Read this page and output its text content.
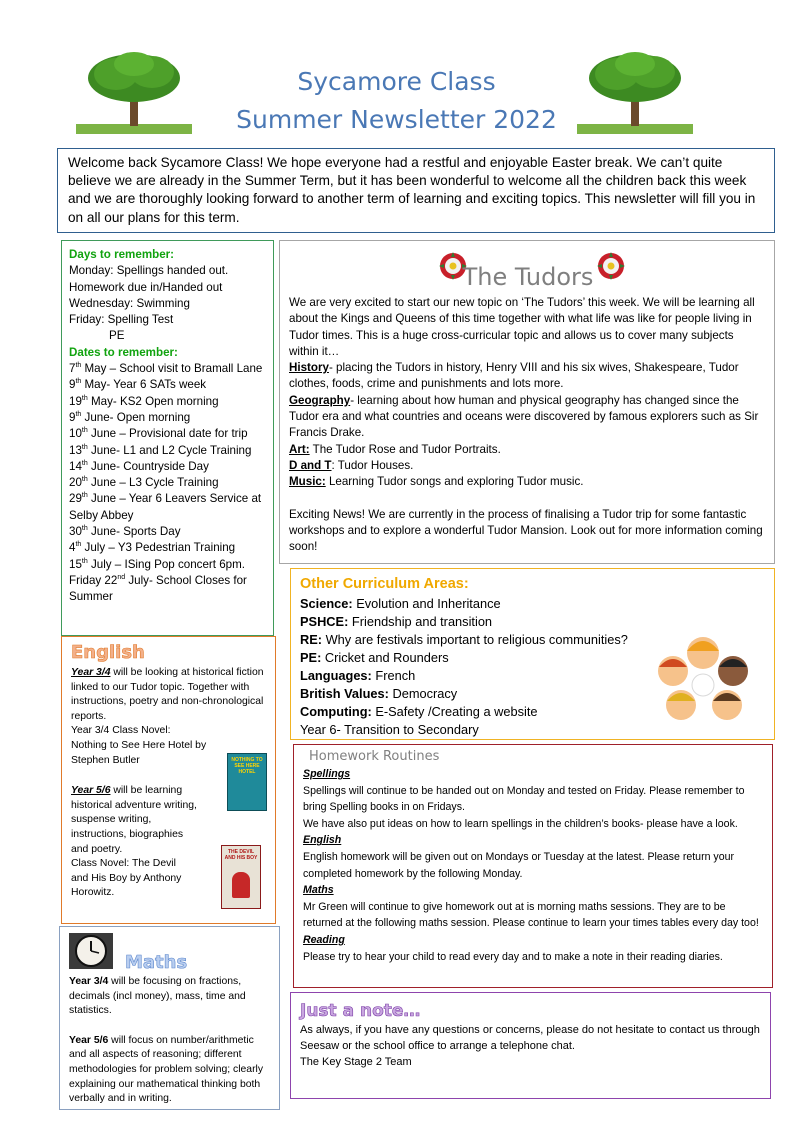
Sycamore Class
Summer Newsletter 2022
Welcome back Sycamore Class! We hope everyone had a restful and enjoyable Easter break. We can’t quite believe we are already in the Summer Term, but it has been wonderful to welcome all the children back this week and we are thoroughly looking forward to another term of learning and exciting topics. This newsletter will fill you in on all our plans for this term.
Days to remember:
Monday: Spellings handed out.
Homework due in/Handed out
Wednesday: Swimming
Friday: Spelling Test
PE
Dates to remember:
7th May – School visit to Bramall Lane
9th May- Year 6 SATs week
19th May- KS2 Open morning
9th June- Open morning
10th June – Provisional date for trip
13th June- L1 and L2 Cycle Training
14th June- Countryside Day
20th June – L3 Cycle Training
29th June – Year 6 Leavers Service at Selby Abbey
30th June- Sports Day
4th July – Y3 Pedestrian Training
15th July – ISing Pop concert 6pm.
Friday 22nd July- School Closes for Summer
The Tudors
We are very excited to start our new topic on ‘The Tudors’ this week. We will be learning all about the Kings and Queens of this time together with what life was like for people living in Tudor times. This is a huge cross-curricular topic and allows us to cover many subjects within it…
History- placing the Tudors in history, Henry VIII and his six wives, Shakespeare, Tudor clothes, foods, crime and punishments and lots more.
Geography- learning about how human and physical geography has changed since the Tudor era and what countries and oceans were discovered by famous explorers such as Sir Francis Drake.
Art: The Tudor Rose and Tudor Portraits.
D and T: Tudor Houses.
Music: Learning Tudor songs and exploring Tudor music.
Exciting News! We are currently in the process of finalising a Tudor trip for some fantastic workshops and to explore a wonderful Tudor Mansion. Look out for more information coming soon!
Other Curriculum Areas:
Science: Evolution and Inheritance
PSHCE: Friendship and transition
RE: Why are festivals important to religious communities?
PE: Cricket and Rounders
Languages: French
British Values: Democracy
Computing: E-Safety /Creating a website
Year 6- Transition to Secondary
English
Year 3/4 will be looking at historical fiction linked to our Tudor topic. Together with instructions, poetry and non-chronological reports.
Year 3/4 Class Novel:
Nothing to See Here Hotel by
Stephen Butler
Year 5/6 will be learning
historical adventure writing,
suspense writing,
instructions, biographies
and poetry.
Class Novel: The Devil
and His Boy by Anthony
Horowitz.
NOTHING TO SEE HERE HOTEL
THE DEVIL AND HIS BOY
Homework Routines
Spellings
Spellings will continue to be handed out on Monday and tested on Friday. Please remember to bring Spelling books in on Fridays.
We have also put ideas on how to learn spellings in the children’s books- please have a look.
English
English homework will be given out on Mondays or Tuesday at the latest. Please return your completed homework by the following Monday.
Maths
Mr Green will continue to give homework out at is morning maths sessions. They are to be returned at the following maths session. Please continue to learn your times tables every day too!
Reading
Please try to hear your child to read every day and to make a note in their reading diaries.
Maths
Year 3/4 will be focusing on fractions, decimals (incl money), mass, time and statistics.
Year 5/6 will focus on number/arithmetic and all aspects of reasoning; different methodologies for problem solving; clearly explaining our mathematical thinking both verbally and in writing.
Just a note…
As always, if you have any questions or concerns, please do not hesitate to contact us through Seesaw or the school office to arrange a telephone chat.
The Key Stage 2 Team
